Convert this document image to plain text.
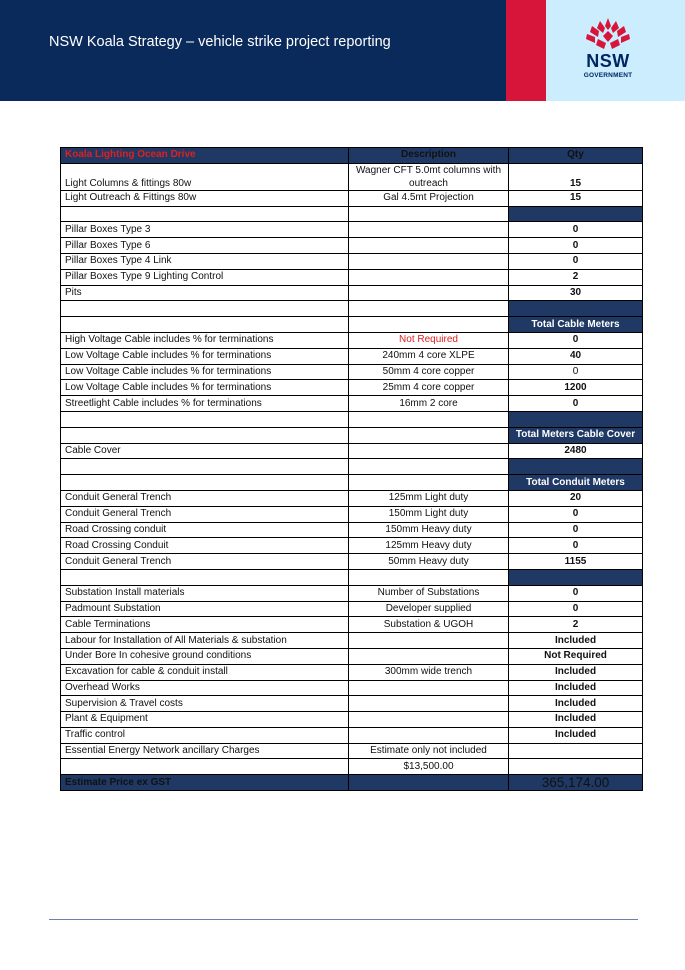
NSW Koala Strategy – vehicle strike project reporting
NSW
GOVERNMENT
Koala Lighting Ocean Drive	Description	Qty
Light Columns & fittings 80w	Wagner CFT 5.0mt columns with outreach	15
Light Outreach & Fittings 80w	Gal 4.5mt Projection	15

Pillar Boxes Type 3		0
Pillar Boxes Type 6		0
Pillar Boxes Type 4 Link		0
Pillar Boxes Type 9 Lighting Control		2
Pits		30

		Total Cable Meters
High Voltage Cable includes % for terminations	Not Required	0
Low Voltage Cable includes % for terminations	240mm 4 core XLPE	40
Low Voltage Cable includes % for terminations	50mm 4 core copper	0
Low Voltage Cable includes % for terminations	25mm 4 core copper	1200
Streetlight Cable includes % for terminations	16mm 2 core	0

		Total Meters Cable Cover
Cable Cover		2480

		Total Conduit Meters
Conduit General Trench	125mm Light duty	20
Conduit General Trench	150mm Light duty	0
Road Crossing conduit	150mm Heavy duty	0
Road Crossing Conduit	125mm Heavy duty	0
Conduit General Trench	50mm Heavy duty	1155

Substation Install materials	Number of Substations	0
Padmount Substation	Developer supplied	0
Cable Terminations	Substation & UGOH	2
Labour for Installation of All Materials & substation		Included
Under Bore In cohesive ground conditions		Not Required
Excavation for cable & conduit install	300mm wide trench	Included
Overhead Works		Included
Supervision & Travel costs		Included
Plant & Equipment		Included
Traffic control		Included
Essential Energy Network ancillary Charges	Estimate only not included	
	$13,500.00	
Estimate Price ex GST		365,174.00
